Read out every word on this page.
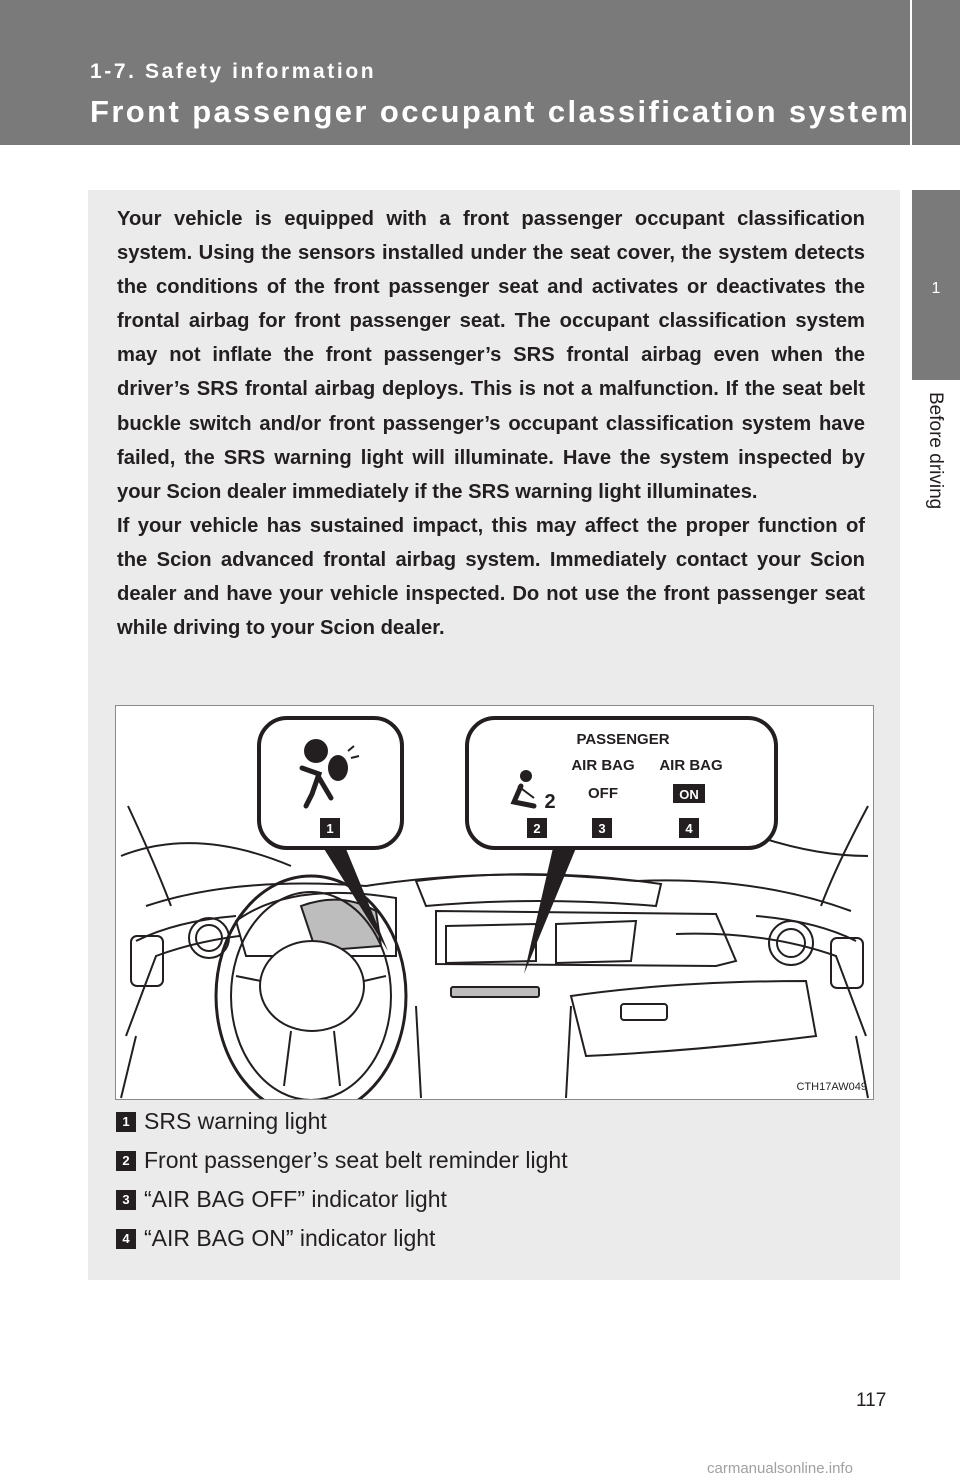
1-7. Safety information
Front passenger occupant classification system
1
Before driving

Your vehicle is equipped with a front passenger occupant classification system. Using the sensors installed under the seat cover, the system detects the conditions of the front passenger seat and activates or deactivates the frontal airbag for front passenger seat. The occupant classification system may not inflate the front passenger’s SRS frontal airbag even when the driver’s SRS frontal airbag deploys. This is not a malfunction. If the seat belt buckle switch and/or front passenger’s occupant classification system have failed, the SRS warning light will illuminate. Have the system inspected by your Scion dealer immediately if the SRS warning light illuminates.

If your vehicle has sustained impact, this may affect the proper function of the Scion advanced frontal airbag system. Immediately contact your Scion dealer and have your vehicle inspected. Do not use the front passenger seat while driving to your Scion dealer.

1
PASSENGER
AIR BAG AIR BAG
OFF	ON
2
2	3	4
CTH17AW049
1 SRS warning light
2 Front passenger’s seat belt reminder light
3 “AIR BAG OFF” indicator light
4 “AIR BAG ON” indicator light
117
carmanualsonline.info
